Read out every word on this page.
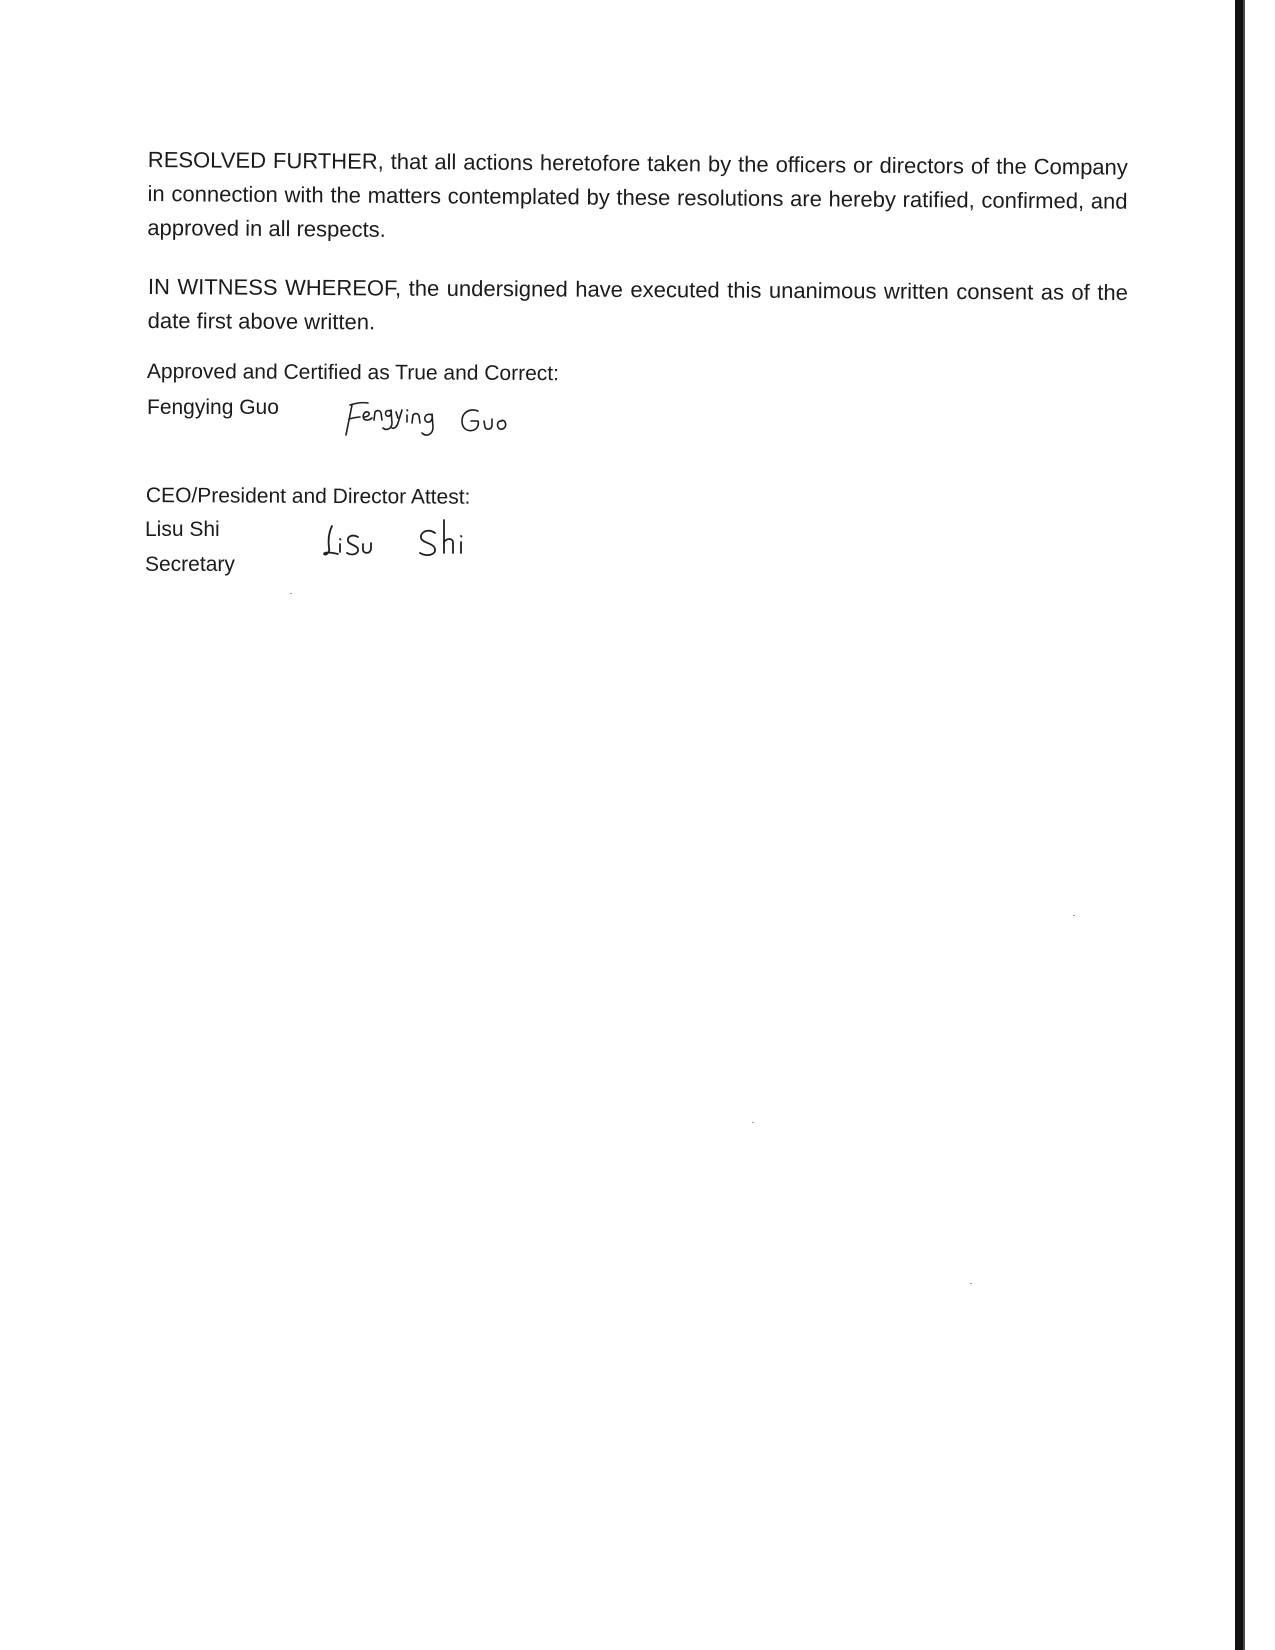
RESOLVED FURTHER, that all actions heretofore taken by the officers or directors of the Company in connection with the matters contemplated by these resolutions are hereby ratified, confirmed, and approved in all respects.

IN WITNESS WHEREOF, the undersigned have executed this unanimous written consent as of the date first above written.

Approved and Certified as True and Correct:

Fengying Guo

CEO/President and Director Attest:

Lisu Shi

Secretary
